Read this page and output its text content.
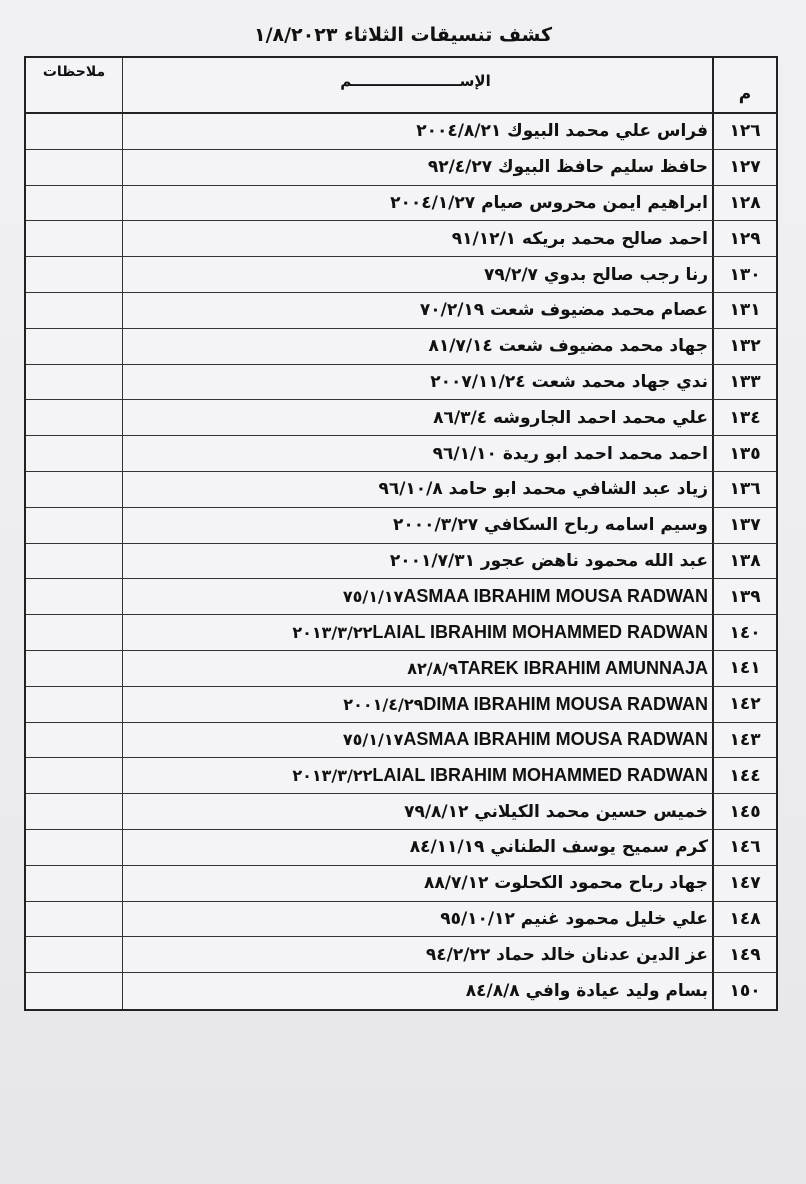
كشف تنسيقات الثلاثاء ١/٨/٢٠٢٣
م
الإســـــــــــــــــــــم
ملاحظات
١٢٦
فراس علي محمد البيوك ٢٠٠٤/٨/٢١
١٢٧
حافظ سليم حافظ البيوك ٩٢/٤/٢٧
١٢٨
ابراهيم ايمن محروس صيام ٢٠٠٤/١/٢٧
١٢٩
احمد صالح محمد بريكه ٩١/١٢/١
١٣٠
رنا رجب صالح بدوي ٧٩/٢/٧
١٣١
عصام محمد مضيوف شعت ٧٠/٢/١٩
١٣٢
جهاد محمد مضيوف شعت ٨١/٧/١٤
١٣٣
ندي جهاد محمد شعت ٢٠٠٧/١١/٢٤
١٣٤
علي محمد احمد الجاروشه ٨٦/٣/٤
١٣٥
احمد محمد احمد ابو ريدة ٩٦/١/١٠
١٣٦
زياد عبد الشافي محمد ابو حامد ٩٦/١٠/٨
١٣٧
وسيم اسامه رباح السكافي ٢٠٠٠/٣/٢٧
١٣٨
عبد الله محمود ناهض عجور ٢٠٠١/٧/٣١
١٣٩
٧٥/١/١٧ ASMAA IBRAHIM MOUSA RADWAN
١٤٠
٢٠١٣/٣/٢٢ LAIAL IBRAHIM MOHAMMED RADWAN
١٤١
٨٢/٨/٩ TAREK IBRAHIM AMUNNAJA
١٤٢
٢٠٠١/٤/٢٩ DIMA IBRAHIM MOUSA RADWAN
١٤٣
٧٥/١/١٧ ASMAA IBRAHIM MOUSA RADWAN
١٤٤
٢٠١٣/٣/٢٢ LAIAL IBRAHIM MOHAMMED RADWAN
١٤٥
خميس حسين محمد الكيلاني ٧٩/٨/١٢
١٤٦
كرم سميح يوسف الطناني ٨٤/١١/١٩
١٤٧
جهاد رباح محمود الكحلوت ٨٨/٧/١٢
١٤٨
علي خليل محمود غنيم ٩٥/١٠/١٢
١٤٩
عز الدين عدنان خالد حماد ٩٤/٢/٢٢
١٥٠
بسام وليد عيادة وافي ٨٤/٨/٨
